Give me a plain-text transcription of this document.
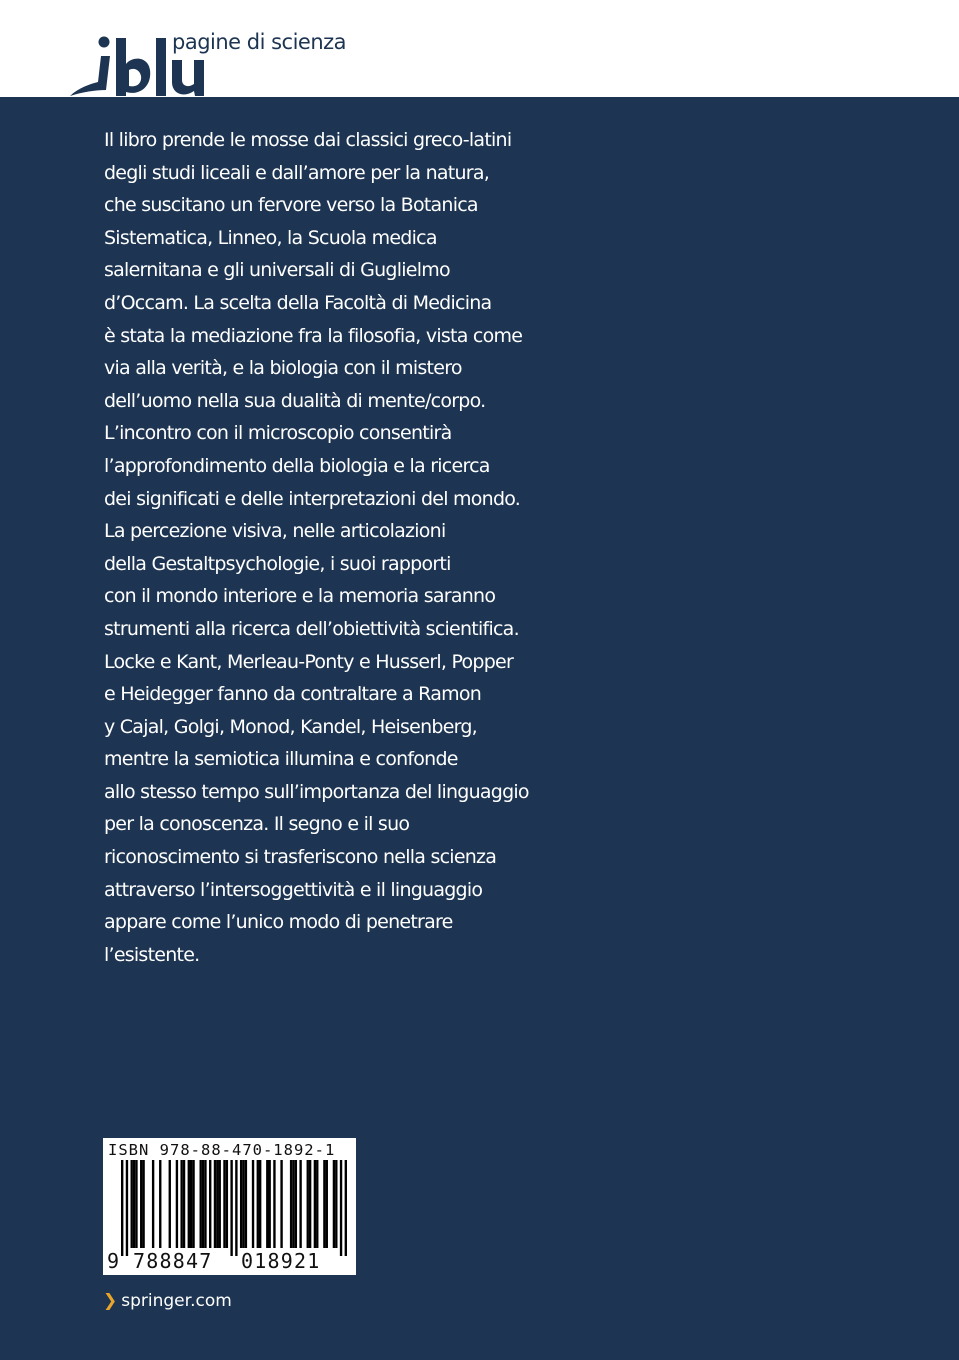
pagine di scienza
Il libro prende le mosse dai classici greco-latini
degli studi liceali e dall’amore per la natura,
che suscitano un fervore verso la Botanica
Sistematica, Linneo, la Scuola medica
salernitana e gli universali di Guglielmo
d’Occam. La scelta della Facoltà di Medicina
è stata la mediazione fra la filosofia, vista come
via alla verità, e la biologia con il mistero
dell’uomo nella sua dualità di mente/corpo.
L’incontro con il microscopio consentirà
l’approfondimento della biologia e la ricerca
dei significati e delle interpretazioni del mondo.
La percezione visiva, nelle articolazioni
della Gestaltpsychologie, i suoi rapporti
con il mondo interiore e la memoria saranno
strumenti alla ricerca dell’obiettività scientifica.
Locke e Kant, Merleau-Ponty e Husserl, Popper
e Heidegger fanno da contraltare a Ramon
y Cajal, Golgi, Monod, Kandel, Heisenberg,
mentre la semiotica illumina e confonde
allo stesso tempo sull’importanza del linguaggio
per la conoscenza. Il segno e il suo
riconoscimento si trasferiscono nella scienza
attraverso l’intersoggettività e il linguaggio
appare come l’unico modo di penetrare
l’esistente.
ISBN 978-88-470-1892-1
9 788847 018921
❯ springer.com
